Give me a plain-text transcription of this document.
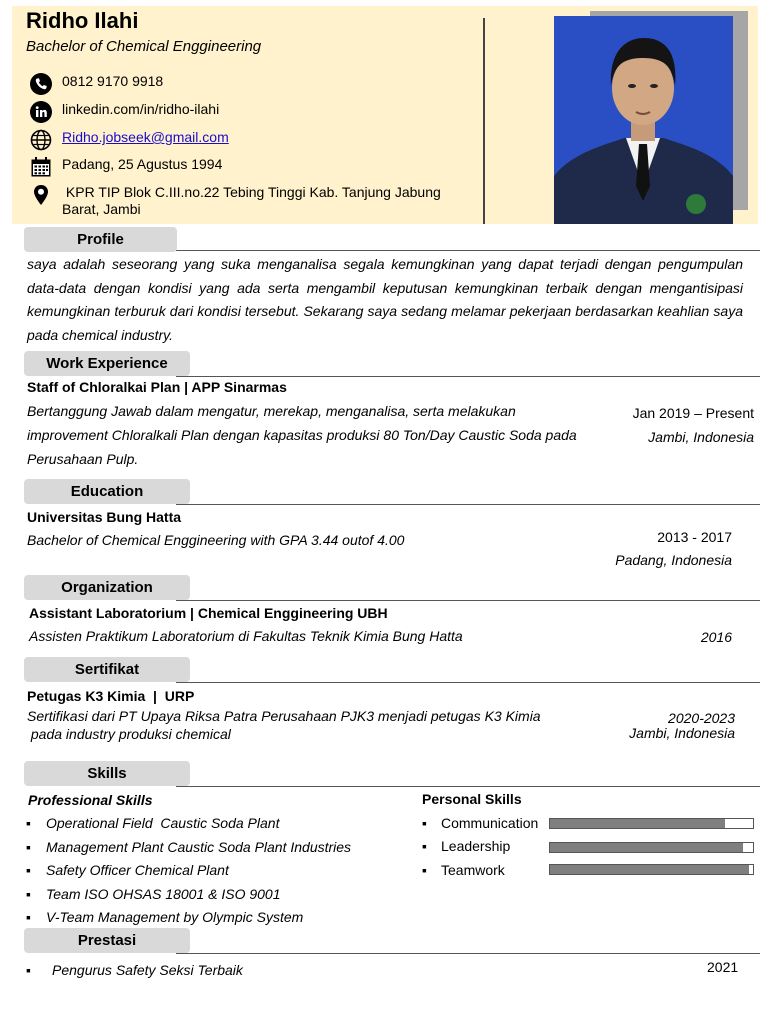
Ridho Ilahi
Bachelor of Chemical Enggineering
0812 9170 9918
linkedin.com/in/ridho-ilahi
Ridho.jobseek@gmail.com
Padang, 25 Agustus 1994
KPR TIP Blok C.III.no.22 Tebing Tinggi Kab. Tanjung Jabung
Barat, Jambi
Profile
saya adalah seseorang yang suka menganalisa segala kemungkinan yang dapat terjadi dengan pengumpulan data-data dengan kondisi yang ada serta mengambil keputusan kemungkinan terbaik dengan mengantisipasi kemungkinan terburuk dari kondisi tersebut. Sekarang saya sedang melamar pekerjaan berdasarkan keahlian saya pada chemical industry.
Work Experience
Staff of Chloralkai Plan | APP Sinarmas
Bertanggung Jawab dalam mengatur, merekap, menganalisa, serta melakukan
improvement Chloralkali Plan dengan kapasitas produksi 80 Ton/Day Caustic Soda pada
Perusahaan Pulp.
Jan 2019 – Present
Jambi, Indonesia
Education
Universitas Bung Hatta
Bachelor of Chemical Enggineering with GPA 3.44 outof 4.00	2013 - 2017
Padang, Indonesia
Organization
Assistant Laboratorium | Chemical Enggineering UBH
Assisten Praktikum Laboratorium di Fakultas Teknik Kimia Bung Hatta	2016
Sertifikat
Petugas K3 Kimia  |  URP
Sertifikasi dari PT Upaya Riksa Patra Perusahaan PJK3 menjadi petugas K3 Kimia
pada industry produksi chemical
2020-2023
Jambi, Indonesia
Skills
Professional Skills
▪ Operational Field  Caustic Soda Plant
▪ Management Plant Caustic Soda Plant Industries
▪ Safety Officer Chemical Plant
▪ Team ISO OHSAS 18001 & ISO 9001
▪ V-Team Management by Olympic System
Personal Skills
▪ Communication
▪ Leadership
▪ Teamwork
Prestasi
▪ Pengurus Safety Seksi Terbaik	2021
